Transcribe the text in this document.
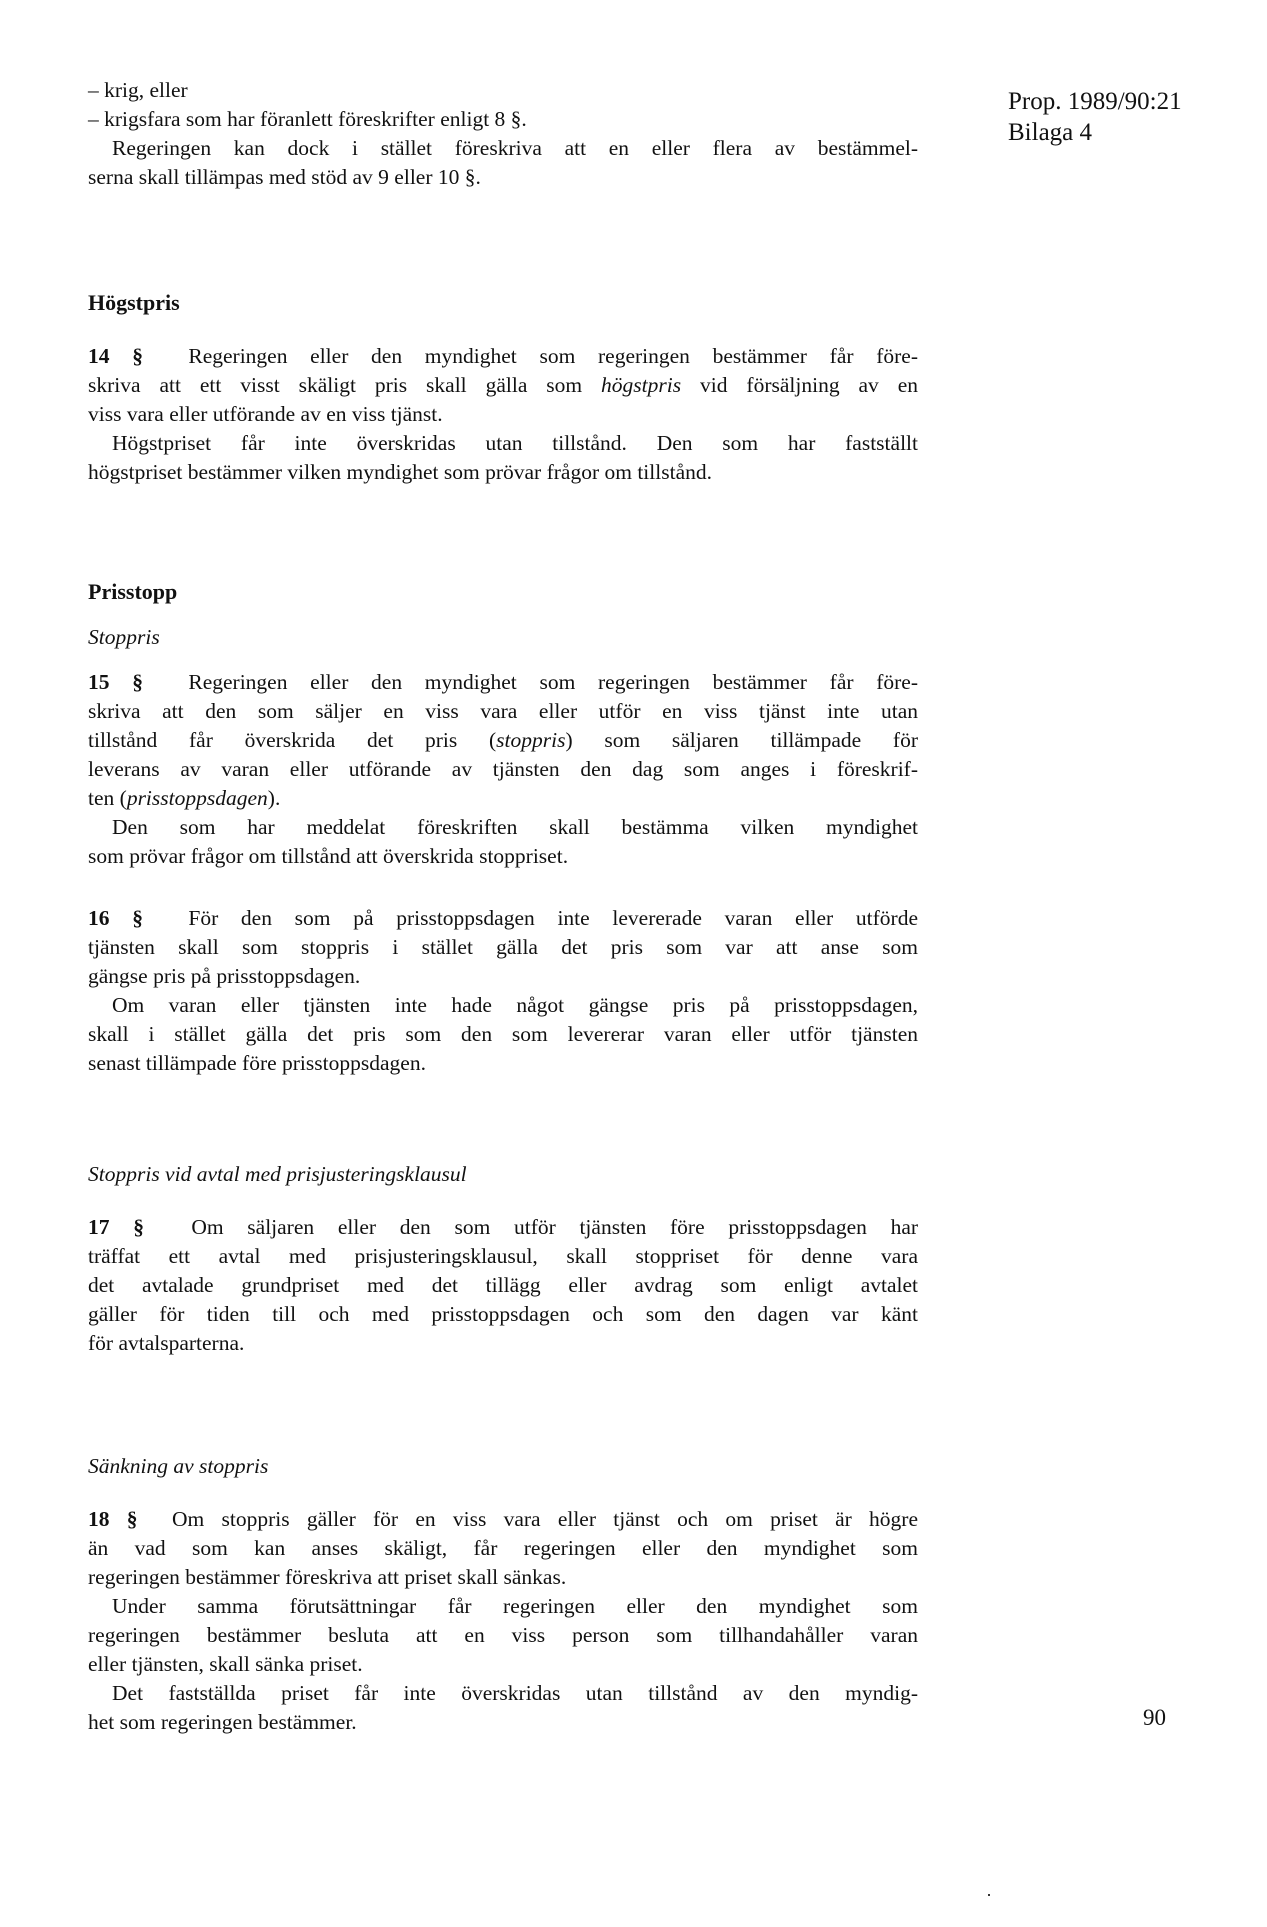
Prop. 1989/90:21
Bilaga 4
– krig, eller
– krigsfara som har föranlett föreskrifter enligt 8 §.
Regeringen kan dock i stället föreskriva att en eller flera av bestämmel-
serna skall tillämpas med stöd av 9 eller 10 §.
Högstpris
14 § Regeringen eller den myndighet som regeringen bestämmer får före-
skriva att ett visst skäligt pris skall gälla som högstpris vid försäljning av en
viss vara eller utförande av en viss tjänst.
Högstpriset får inte överskridas utan tillstånd. Den som har fastställt
högstpriset bestämmer vilken myndighet som prövar frågor om tillstånd.
Prisstopp
Stoppris
15 § Regeringen eller den myndighet som regeringen bestämmer får före-
skriva att den som säljer en viss vara eller utför en viss tjänst inte utan
tillstånd får överskrida det pris (stoppris) som säljaren tillämpade för
leverans av varan eller utförande av tjänsten den dag som anges i föreskrif-
ten (prisstoppsdagen).
Den som har meddelat föreskriften skall bestämma vilken myndighet
som prövar frågor om tillstånd att överskrida stoppriset.
16 § För den som på prisstoppsdagen inte levererade varan eller utförde
tjänsten skall som stoppris i stället gälla det pris som var att anse som
gängse pris på prisstoppsdagen.
Om varan eller tjänsten inte hade något gängse pris på prisstoppsdagen,
skall i stället gälla det pris som den som levererar varan eller utför tjänsten
senast tillämpade före prisstoppsdagen.
Stoppris vid avtal med prisjusteringsklausul
17 § Om säljaren eller den som utför tjänsten före prisstoppsdagen har
träffat ett avtal med prisjusteringsklausul, skall stoppriset för denne vara
det avtalade grundpriset med det tillägg eller avdrag som enligt avtalet
gäller för tiden till och med prisstoppsdagen och som den dagen var känt
för avtalsparterna.
Sänkning av stoppris
18 § Om stoppris gäller för en viss vara eller tjänst och om priset är högre
än vad som kan anses skäligt, får regeringen eller den myndighet som
regeringen bestämmer föreskriva att priset skall sänkas.
Under samma förutsättningar får regeringen eller den myndighet som
regeringen bestämmer besluta att en viss person som tillhandahåller varan
eller tjänsten, skall sänka priset.
Det fastställda priset får inte överskridas utan tillstånd av den myndig-
het som regeringen bestämmer.	90
